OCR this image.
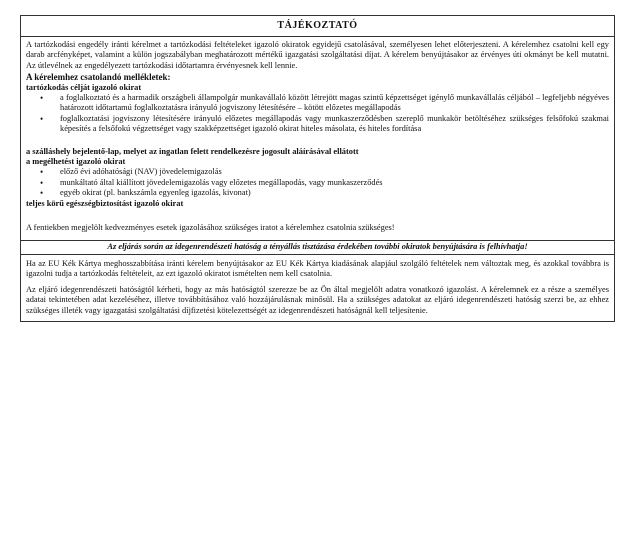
TÁJÉKOZTATÓ

A tartózkodási engedély iránti kérelmet a tartózkodási feltételeket igazoló okiratok egyidejű csatolásával, személyesen lehet előterjeszteni. A kérelemhez csatolni kell egy darab arcfényképet, valamint a külön jogszabályban meghatározott mértékű igazgatási szolgáltatási díjat. A kérelem benyújtásakor az érvényes úti okmányt be kell mutatni. Az útlevélnek az engedélyezett tartózkodási időtartamra érvényesnek kell lennie.

A kérelemhez csatolandó mellékletek:

tartózkodás célját igazoló okirat

• a foglalkoztató és a harmadik országbeli állampolgár munkavállaló között létrejött magas szintű képzettséget igénylő munkavállalás céljából – legfeljebb négyéves határozott időtartamú foglalkoztatásra irányuló jogviszony létesítésére – kötött előzetes megállapodás
• foglalkoztatási jogviszony létesítésére irányuló előzetes megállapodás vagy munkaszerződésben szereplő munkakör betöltéséhez szükséges felsőfokú szakmai képesítés a felsőfokú végzettséget vagy szakképzettséget igazoló okirat hiteles másolata, és hiteles fordítása

a szálláshely bejelentő-lap, melyet az ingatlan felett rendelkezésre jogosult aláírásával ellátott

a megélhetést igazoló okirat

• előző évi adóhatósági (NAV) jövedelemigazolás
• munkáltató által kiállított jövedelemigazolás vagy előzetes megállapodás, vagy munkaszerződés
• egyéb okirat (pl. bankszámla egyenleg igazolás, kivonat)

teljes körű egészségbiztosítást igazoló okirat

A fentiekben megjelölt kedvezményes esetek igazolásához szükséges iratot a kérelemhez csatolnia szükséges!

Az eljárás során az idegenrendészeti hatóság a tényállás tisztázása érdekében további okiratok benyújtására is felhívhatja!

Ha az EU Kék Kártya meghosszabbítása iránti kérelem benyújtásakor az EU Kék Kártya kiadásának alapjául szolgáló feltételek nem változtak meg, és azokkal továbbra is igazolni tudja a tartózkodás feltételeit, az ezt igazoló okiratot ismételten nem kell csatolnia.

Az eljáró idegenrendészeti hatóságtól kérheti, hogy az más hatóságtól szerezze be az Ön által megjelölt adatra vonatkozó igazolást. A kérelemnek ez a része a személyes adatai tekintetében adat kezeléséhez, illetve továbbításához való hozzájárulásnak minősül. Ha a szükséges adatokat az eljáró idegenrendészeti hatóság szerzi be, az ehhez szükséges illeték vagy igazgatási szolgáltatási díjfizetési kötelezettségét az idegenrendészeti hatóságnál kell teljesítenie.
